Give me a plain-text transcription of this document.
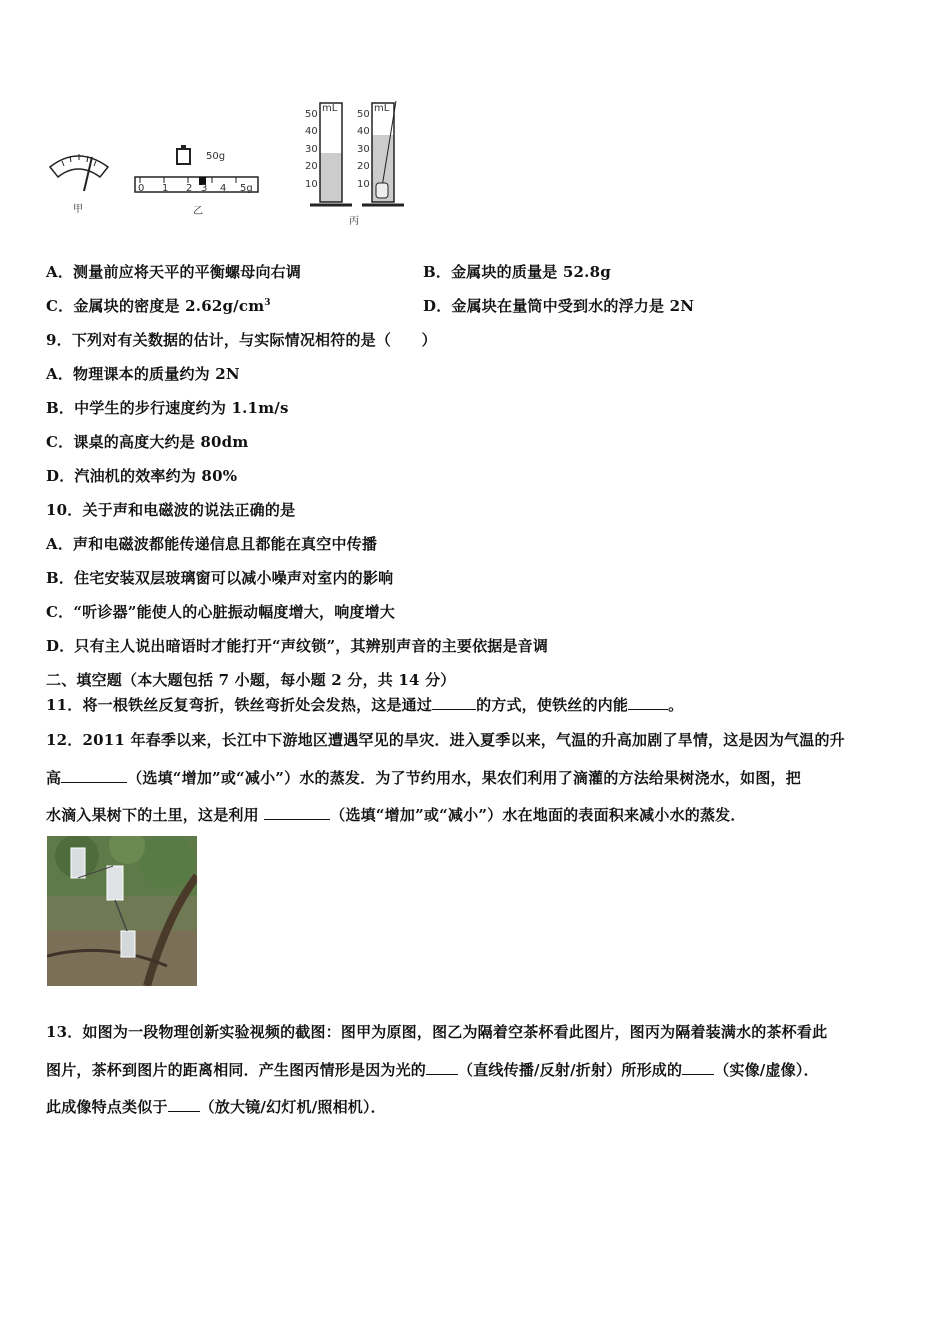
甲
50g
0 1 2 3 4 5g
乙
mL
50
40
30
20
10
mL
50
40
30
20
10
丙
A．测量前应将天平的平衡螺母向右调	B．金属块的质量是 52.8g
C．金属块的密度是 $2.62g/cm^3$	D．金属块在量筒中受到水的浮力是 2N
9．下列对有关数据的估计，与实际情况相符的是（　　）
A．物理课本的质量约为 2N
B．中学生的步行速度约为 1.1m/s
C．课桌的高度大约是 80dm
D．汽油机的效率约为 80%
10．关于声和电磁波的说法正确的是
A．声和电磁波都能传递信息且都能在真空中传播
B．住宅安装双层玻璃窗可以减小噪声对室内的影响
C．“听诊器”能使人的心脏振动幅度增大，响度增大
D．只有主人说出暗语时才能打开“声纹锁”，其辨别声音的主要依据是音调
二、填空题（本大题包括 7 小题，每小题 2 分，共 14 分）
11．将一根铁丝反复弯折，铁丝弯折处会发热，这是通过	的方式，使铁丝的内能	。
12．2011 年春季以来，长江中下游地区遭遇罕见的旱灾．进入夏季以来，气温的升高加剧了旱情，这是因为气温的升
高	（选填“增加”或“减小”）水的蒸发．为了节约用水，果农们利用了滴灌的方法给果树浇水，如图，把
水滴入果树下的土里，这是利用	（选填“增加”或“减小”）水在地面的表面积来减小水的蒸发．
13．如图为一段物理创新实验视频的截图：图甲为原图，图乙为隔着空茶杯看此图片，图丙为隔着装满水的茶杯看此
图片，茶杯到图片的距离相同．产生图丙情形是因为光的 （直线传播/反射/折射）所形成的 （实像/虚像）．
此成像特点类似于 （放大镜/幻灯机/照相机）．
